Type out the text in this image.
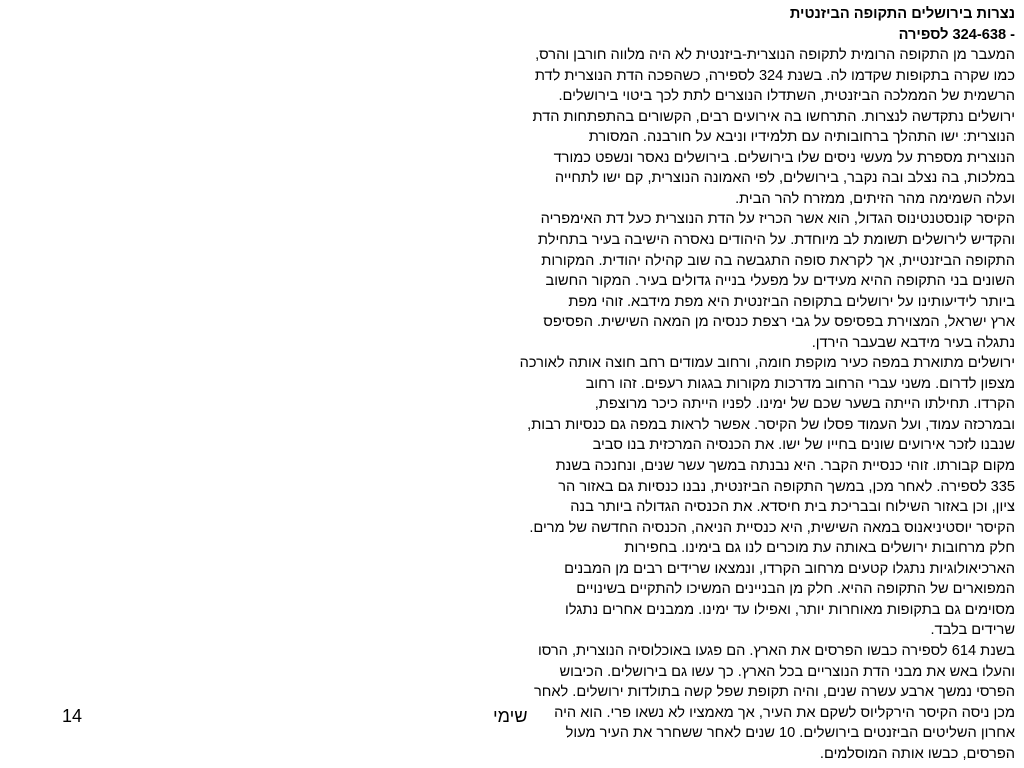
נצרות בירושלים התקופה הביזנטית
- 324-638 לספירה
המעבר מן התקופה הרומית לתקופה הנוצרית-ביזנטית לא היה מלווה חורבן והרס,
כמו שקרה בתקופות שקדמו לה. בשנת 324 לספירה, כשהפכה הדת הנוצרית לדת
הרשמית של הממלכה הביזנטית, השתדלו הנוצרים לתת לכך ביטוי בירושלים.
ירושלים נתקדשה לנצרות. התרחשו בה אירועים רבים, הקשורים בהתפתחות הדת
הנוצרית: ישו התהלך ברחובותיה עם תלמידיו וניבא על חורבנה. המסורת
הנוצרית מספרת על מעשי ניסים שלו בירושלים. בירושלים נאסר ונשפט כמורד
במלכות, בה נצלב ובה נקבר, בירושלים, לפי האמונה הנוצרית, קם ישו לתחייה
ועלה השמימה מהר הזיתים, ממזרח להר הבית.
הקיסר קונסטנטינוס הגדול, הוא אשר הכריז על הדת הנוצרית כעל דת האימפריה
והקדיש לירושלים תשומת לב מיוחדת. על היהודים נאסרה הישיבה בעיר בתחילת
התקופה הביזנטיית, אך לקראת סופה התגבשה בה שוב קהילה יהודית. המקורות
השונים בני התקופה ההיא מעידים על מפעלי בנייה גדולים בעיר. המקור החשוב
ביותר לידיעותינו על ירושלים בתקופה הביזנטית היא מפת מידבא. זוהי מפת
ארץ ישראל, המצוירת בפסיפס על גבי רצפת כנסיה מן המאה השישית. הפסיפס
נתגלה בעיר מידבא שבעבר הירדן.
ירושלים מתוארת במפה כעיר מוקפת חומה, ורחוב עמודים רחב חוצה אותה לאורכה
מצפון לדרום. משני עברי הרחוב מדרכות מקורות בגגות רעפים. זהו רחוב
הקרדו. תחילתו הייתה בשער שכם של ימינו. לפניו הייתה כיכר מרוצפת,
ובמרכזה עמוד, ועל העמוד פסלו של הקיסר. אפשר לראות במפה גם כנסיות רבות,
שנבנו לזכר אירועים שונים בחייו של ישו. את הכנסיה המרכזית בנו סביב
מקום קבורתו. זוהי כנסיית הקבר. היא נבנתה במשך עשר שנים, ונחנכה בשנת
335 לספירה. לאחר מכן, במשך התקופה הביזנטית, נבנו כנסיות גם באזור הר
ציון, וכן באזור השילוח ובבריכת בית חיסדא. את הכנסיה הגדולה ביותר בנה
הקיסר יוסטיניאנוס במאה השישית, היא כנסיית הניאה, הכנסיה החדשה של מרים.
חלק מרחובות ירושלים באותה עת מוכרים לנו גם בימינו. בחפירות
הארכיאולוגיות נתגלו קטעים מרחוב הקרדו, ונמצאו שרידים רבים מן המבנים
המפוארים של התקופה ההיא. חלק מן הבניינים המשיכו להתקיים בשינויים
מסוימים גם בתקופות מאוחרות יותר, ואפילו עד ימינו. ממבנים אחרים נתגלו
שרידים בלבד.
בשנת 614 לספירה כבשו הפרסים את הארץ. הם פגעו באוכלוסיה הנוצרית, הרסו
והעלו באש את מבני הדת הנוצריים בכל הארץ. כך עשו גם בירושלים. הכיבוש
הפרסי נמשך ארבע עשרה שנים, והיה תקופת שפל קשה בתולדות ירושלים. לאחר
מכן ניסה הקיסר הירקליוס לשקם את העיר, אך מאמציו לא נשאו פרי. הוא היה
אחרון השליטים הביזנטים בירושלים. 10 שנים לאחר ששחרר את העיר מעול
הפרסים, כבשו אותה המוסלמים.
14	שימי
